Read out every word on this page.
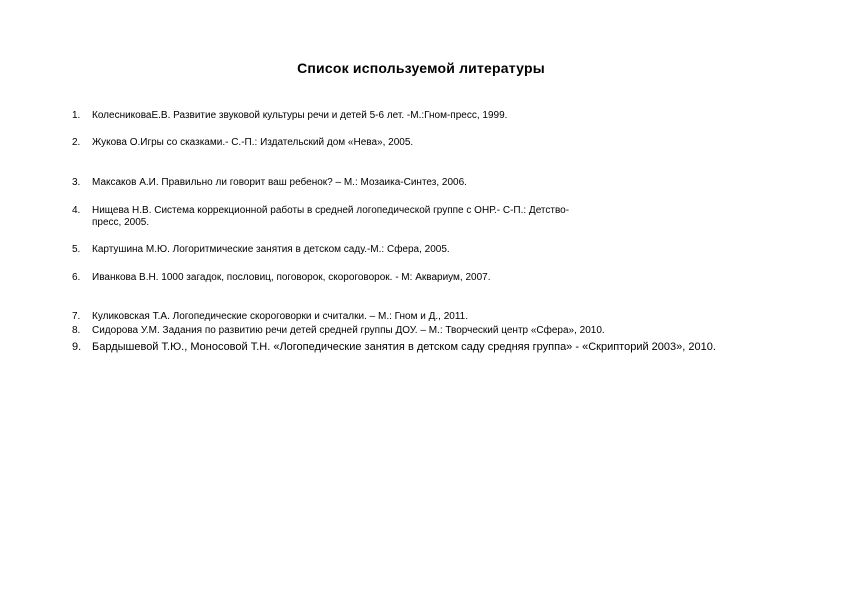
Список используемой литературы
1.	КолесниковаЕ.В. Развитие звуковой культуры речи и детей 5-6 лет. -М.:Гном-пресс, 1999.
2.	Жукова О.Игры со сказками.- С.-П.: Издательский дом «Нева», 2005.
3.	Максаков А.И. Правильно ли говорит ваш ребенок? – М.: Мозаика-Синтез, 2006.
4.	Нищева Н.В. Система коррекционной работы в средней логопедической группе с ОНР.- С-П.: Детство-пресс, 2005.
5.	Картушина М.Ю. Логоритмические занятия в детском саду.-М.: Сфера, 2005.
6.	Иванкова В.Н. 1000 загадок, пословиц, поговорок, скороговорок. - М: Аквариум, 2007.
7.	Куликовская Т.А. Логопедические скороговорки и считалки. – М.: Гном и Д., 2011.
8.	Сидорова У.М. Задания по развитию речи детей средней группы ДОУ. – М.: Творческий центр «Сфера», 2010.
9. Бардышевой Т.Ю., Моносовой Т.Н. «Логопедические занятия в детском саду средняя группа» - «Скрипторий 2003», 2010.
